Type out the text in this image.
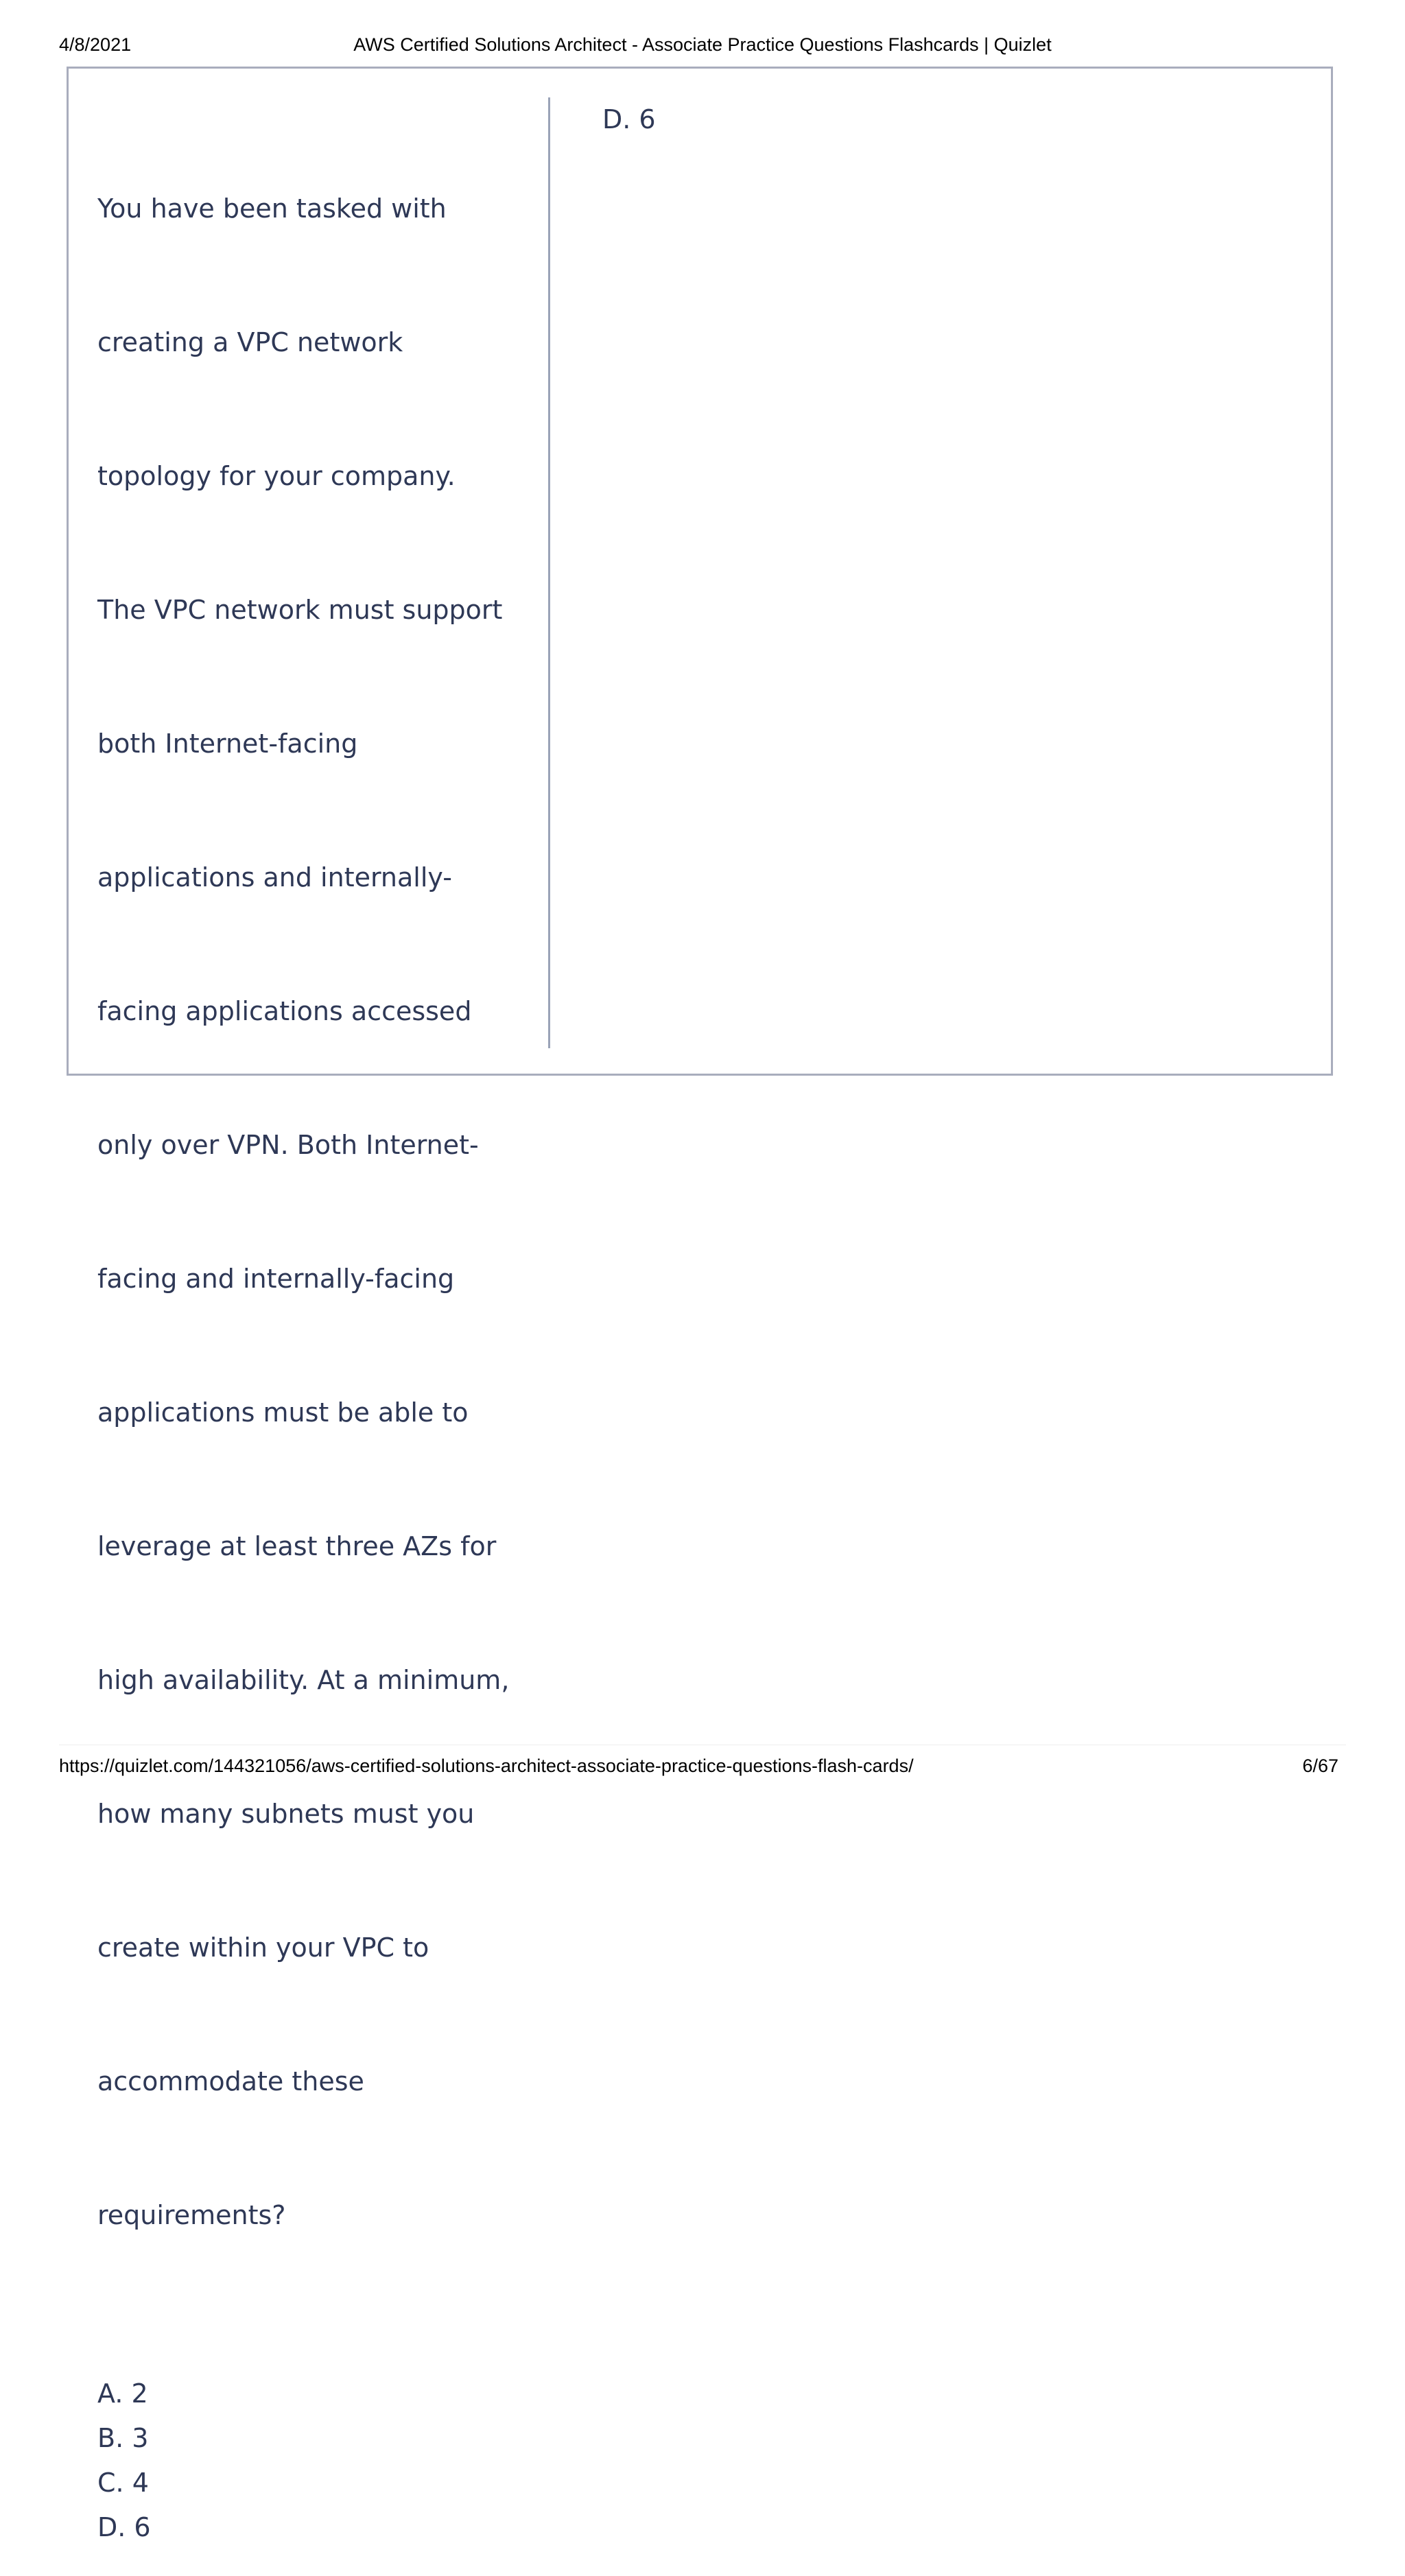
AWS Certified Solutions Architect - Associate Practice Questions Flashcards | Quizlet
4/8/2021

You have been tasked with

creating a VPC network

topology for your company.

The VPC network must support

both Internet-facing

applications and internally-

facing applications accessed

only over VPN. Both Internet-

facing and internally-facing

applications must be able to

leverage at least three AZs for

high availability. At a minimum,

how many subnets must you

create within your VPC to

accommodate these

requirements?

A. 2
B. 3
C. 4
D. 6
D. 6
https://quizlet.com/144321056/aws-certified-solutions-architect-associate-practice-questions-flash-cards/	6/67
